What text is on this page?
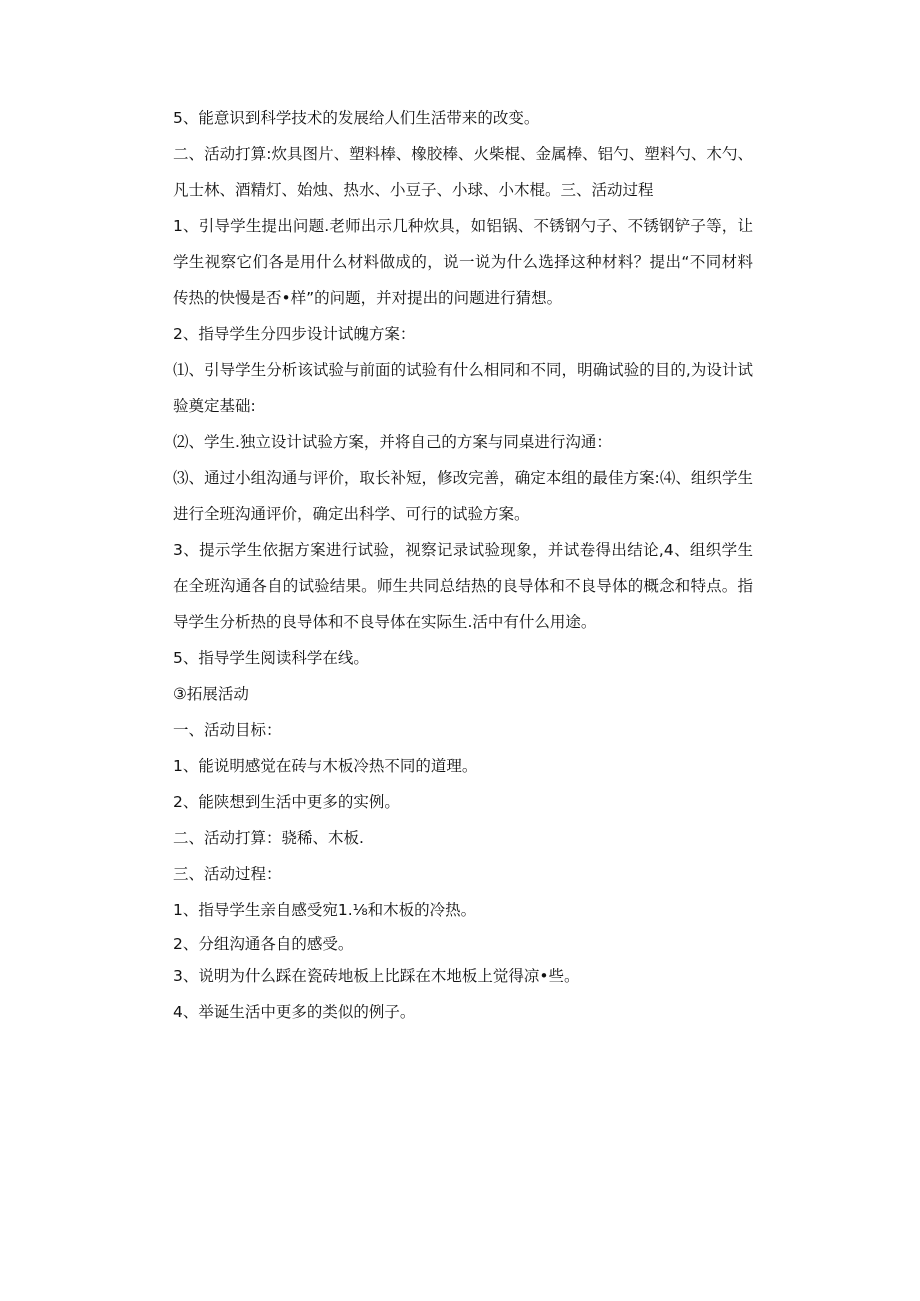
5、能意识到科学技术的发展给人们生活带来的改变。

二、活动打算:炊具图片、塑料棒、橡胶棒、火柴棍、金属棒、铝勺、塑料勺、木勺、凡士林、酒精灯、始烛、热水、小豆子、小球、小木棍。三、活动过程

1、引导学生提出问题.老师出示几种炊具，如铝锅、不锈钢勺子、不锈钢铲子等，让学生视察它们各是用什么材料做成的，说一说为什么选择这种材料？提出“不同材料传热的快慢是否•样”的问题，并对提出的问题进行猜想。

2、指导学生分四步设计试魄方案：

⑴、引导学生分析该试验与前面的试验有什么相同和不同，明确试验的目的,为设计试验奠定基础:

⑵、学生.独立设计试验方案，并将自己的方案与同桌进行沟通：

⑶、通过小组沟通与评价，取长补短，修改完善，确定本组的最佳方案:⑷、组织学生进行全班沟通评价，确定出科学、可行的试验方案。

3、提示学生依据方案进行试验，视察记录试验现象，并试卷得出结论,4、组织学生在全班沟通各自的试验结果。师生共同总结热的良导体和不良导体的概念和特点。指导学生分析热的良导体和不良导体在实际生.活中有什么用途。

5、指导学生阅读科学在线。

③拓展活动

一、活动目标：

1、能说明感觉在砖与木板冷热不同的道理。

2、能陕想到生活中更多的实例。

二、活动打算：骁稀、木板.

三、活动过程：

1、指导学生亲自感受宛1.⅛和木板的冷热。

2、分组沟通各自的感受。

3、说明为什么踩在瓷砖地板上比踩在木地板上觉得凉•些。

4、举诞生活中更多的类似的例子。
